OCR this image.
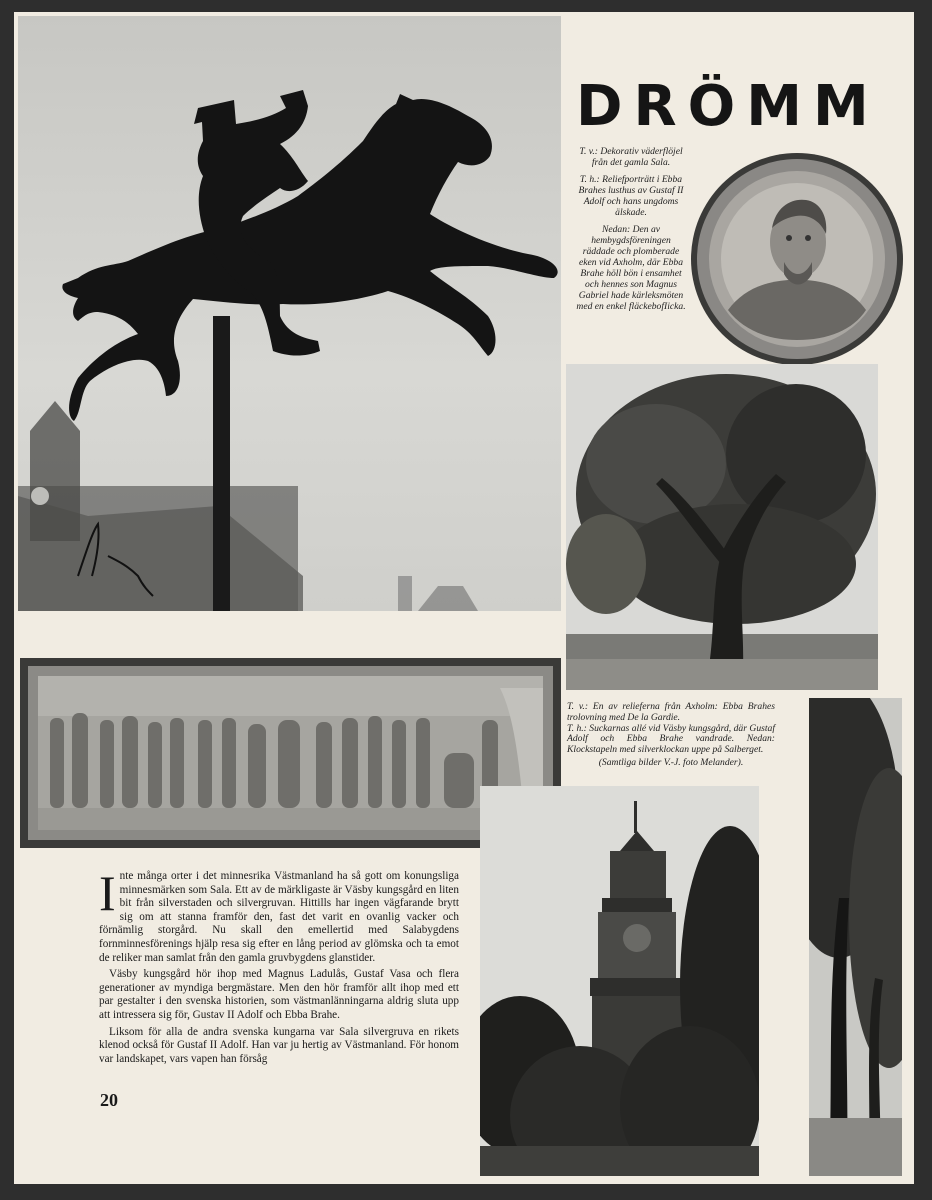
DRÖMM

T. v.: Dekorativ väderflöjel från det gamla Sala.

T. h.: Reliefporträtt i Ebba Brahes lusthus av Gustaf II Adolf och hans ungdoms älskade.

Nedan: Den av hembygdsföreningen räddade och plomberade eken vid Axholm, där Ebba Brahe höll bön i ensamhet och hennes son Magnus Gabriel hade kärleksmöten med en enkel fläckebofIicka.

T. v.: En av relieferna från Axholm: Ebba Brahes trolovning med De la Gardie.

T. h.: Suckarnas allé vid Väsby kungsgård, där Gustaf Adolf och Ebba Brahe vandrade. Nedan: Klockstapeln med silverklockan uppe på Salberget.

(Samtliga bilder V.-J. foto Melander).

Inte många orter i det minnesrika Västmanland ha så gott om konungsliga minnesmärken som Sala. Ett av de märkligaste är Väsby kungsgård en liten bit från silverstaden och silvergruvan. Hittills har ingen vägfarande brytt sig om att stanna framför den, fast det varit en ovanlig vacker och förnämlig storgård. Nu skall den emellertid med Salabygdens fornminnesförenings hjälp resa sig efter en lång period av glömska och ta emot de reliker man samlat från den gamla gruvbygdens glanstider.

Väsby kungsgård hör ihop med Magnus Ladulås, Gustaf Vasa och flera generationer av myndiga bergmästare. Men den hör framför allt ihop med ett par gestalter i den svenska historien, som västmanlänningarna aldrig sluta upp att intressera sig för, Gustav II Adolf och Ebba Brahe.

Liksom för alla de andra svenska kungarna var Sala silvergruva en rikets klenod också för Gustaf II Adolf. Han var ju hertig av Västmanland. För honom var landskapet, vars vapen han försåg

20
